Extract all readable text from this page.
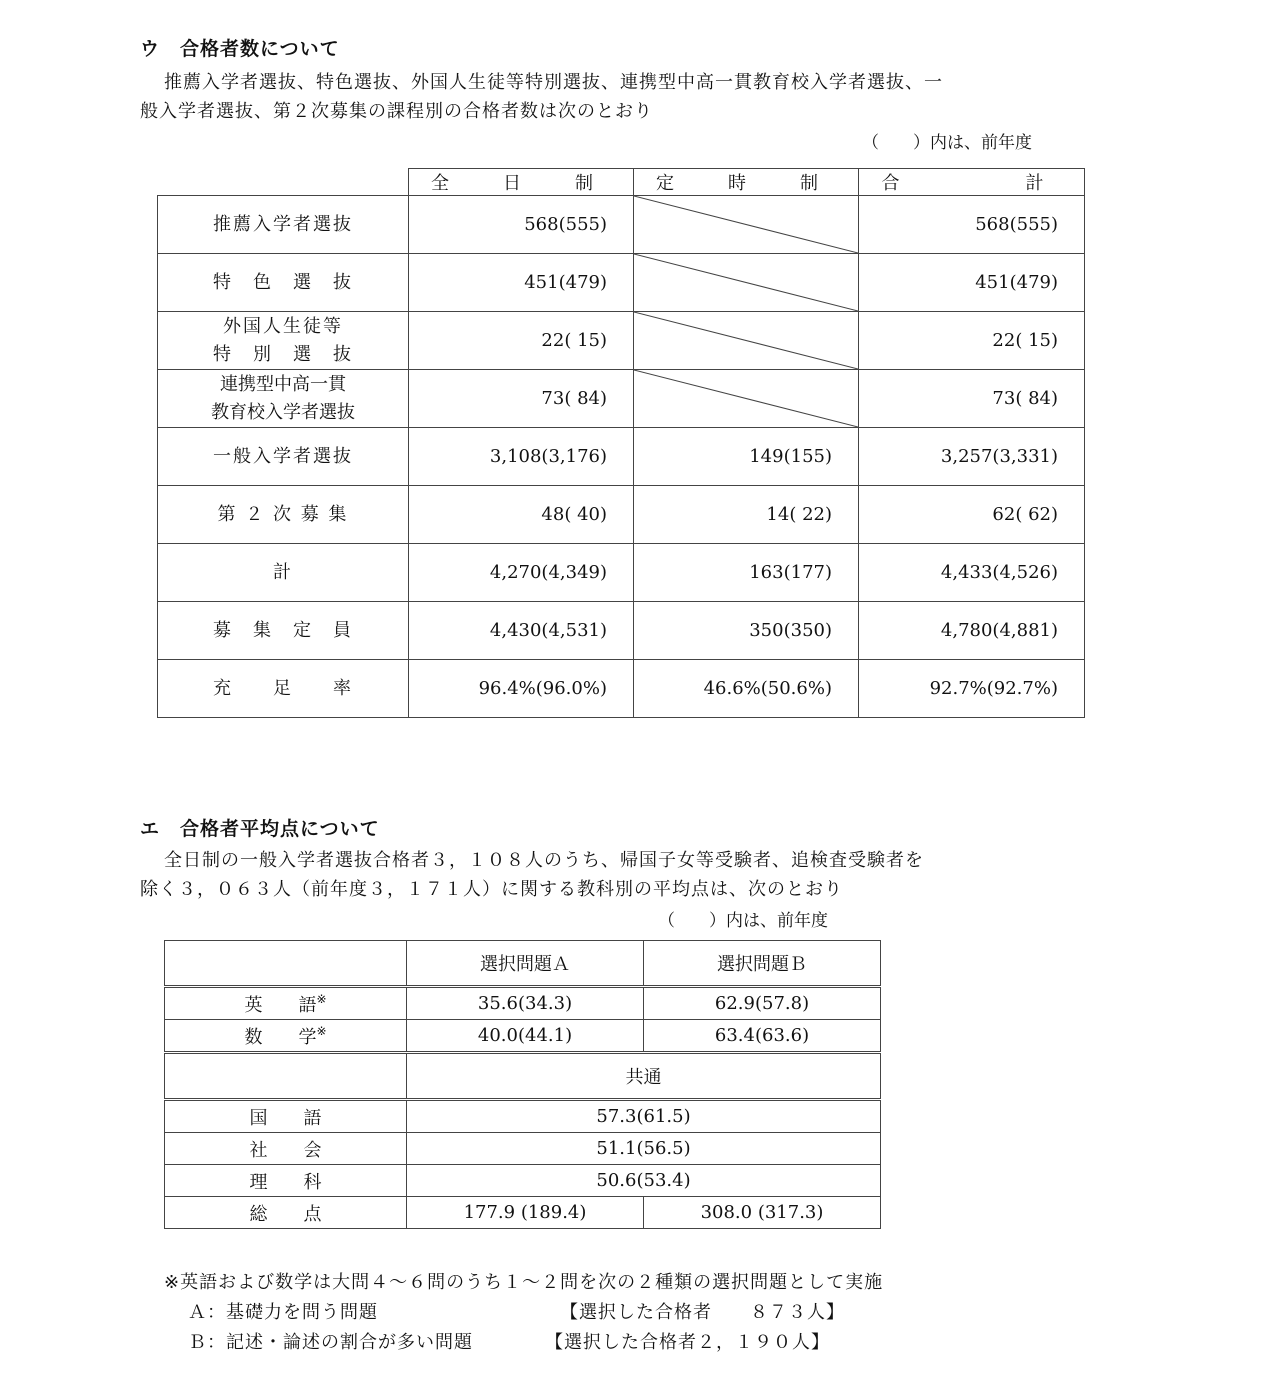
ウ　合格者数について
推薦入学者選抜、特色選抜、外国人生徒等特別選抜、連携型中高一貫教育校入学者選抜、一
般入学者選抜、第２次募集の課程別の合格者数は次のとおり
（　　）内は、前年度
	全　日　制	定　時　制	合　　　計
推薦入学者選抜	568(555)		568(555)
特　色　選　抜	451(479)		451(479)

外国人生徒等
特　別　選　抜	22( 15)		22( 15)

連携型中高一貫
教育校入学者選抜	73( 84)		73( 84)
一般入学者選抜	3,108(3,176)	149(155)	3,257(3,331)
第 ２ 次 募 集	48( 40)	14( 22)	62( 62)
計	4,270(4,349)	163(177)	4,433(4,526)
募　集　定　員	4,430(4,531)	350(350)	4,780(4,881)
充　　足　　率	96.4%(96.0%)	46.6%(50.6%)	92.7%(92.7%)
エ　合格者平均点について
全日制の一般入学者選抜合格者３，１０８人のうち、帰国子女等受験者、追検査受験者を
除く３，０６３人（前年度３，１７１人）に関する教科別の平均点は、次のとおり
（　　）内は、前年度
	選択問題Ａ	選択問題Ｂ
英　　語※	35.6(34.3)	62.9(57.8)
数　　学※	40.0(44.1)	63.4(63.6)
	共通	
国　　語	57.3(61.5)	
社　　会	51.1(56.5)	
理　　科	50.6(53.4)	
総　　点	177.9 (189.4)	308.0 (317.3)
※英語および数学は大問４～６問のうち１～２問を次の２種類の選択問題として実施
Ａ：基礎力を問う問題	【選択した合格者　　８７３人】
Ｂ：記述・論述の割合が多い問題	【選択した合格者２，１９０人】
